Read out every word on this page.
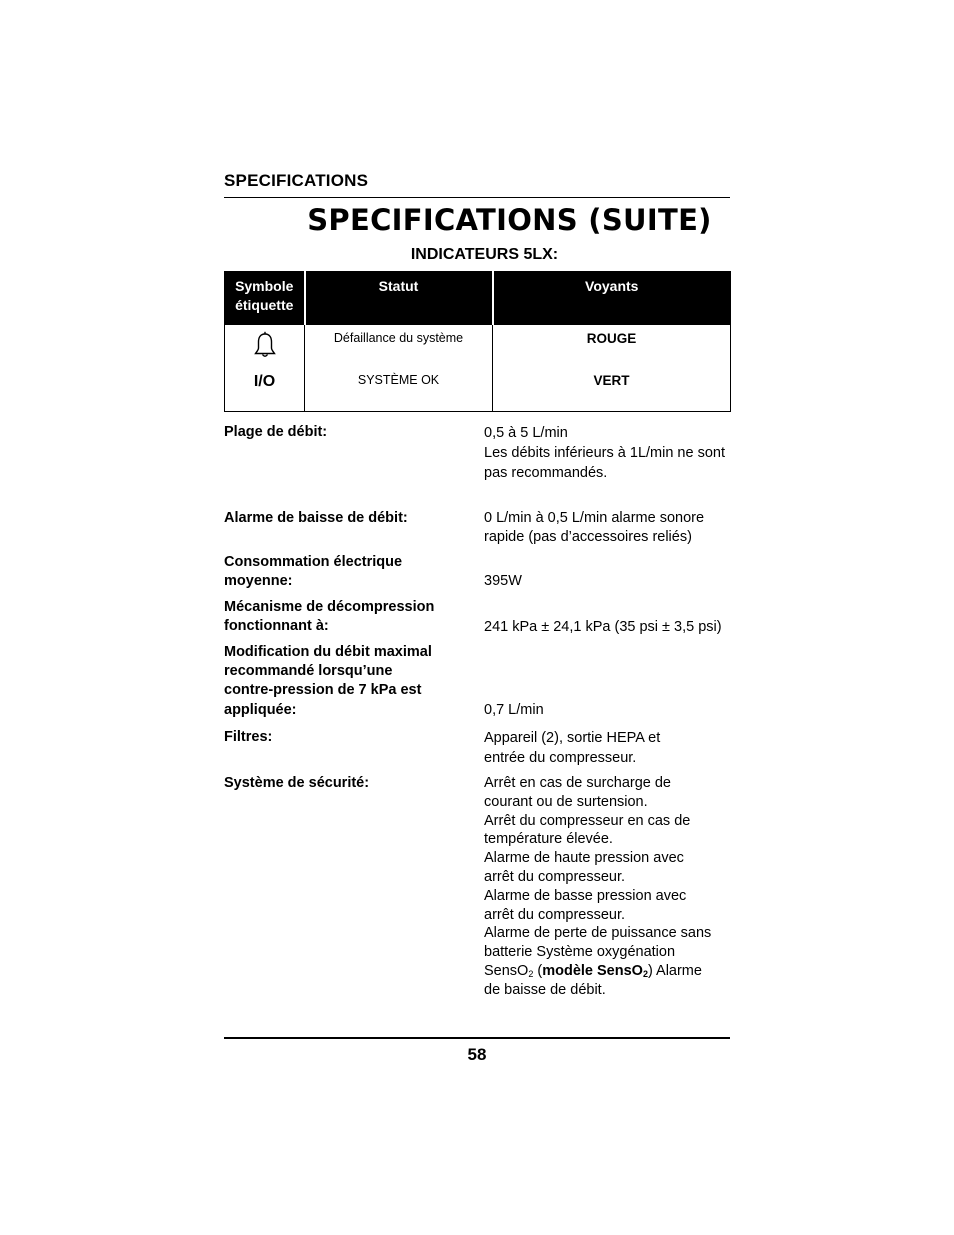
SPECIFICATIONS
SPECIFICATIONS (SUITE)
INDICATEURS 5LX:
Symbole étiquette	Statut	Voyants
	Défaillance du système	ROUGE
I/O	SYSTÈME OK	VERT
Plage de débit:	0,5 à 5 L/min
Les débits inférieurs à 1L/min ne sont
pas recommandés.
Alarme de baisse de débit:	0 L/min à 0,5 L/min alarme sonore
rapide (pas d’accessoires reliés)
Consommation électrique
moyenne:	395W
Mécanisme de décompression
fonctionnant à:	241 kPa ± 24,1 kPa (35 psi ± 3,5 psi)
Modification du débit maximal
recommandé lorsqu’une
contre-pression de 7 kPa est
appliquée:	0,7 L/min
Filtres:	Appareil (2), sortie HEPA et
entrée du compresseur.
Système de sécurité:	Arrêt en cas de surcharge de
courant ou de surtension.
Arrêt du compresseur en cas de
température élevée.
Alarme de haute pression avec
arrêt du compresseur.
Alarme de basse pression avec
arrêt du compresseur.
Alarme de perte de puissance sans
batterie Système oxygénation
SensO$_2$ (modèle SensO$_2$) Alarme
de baisse de débit.
58
